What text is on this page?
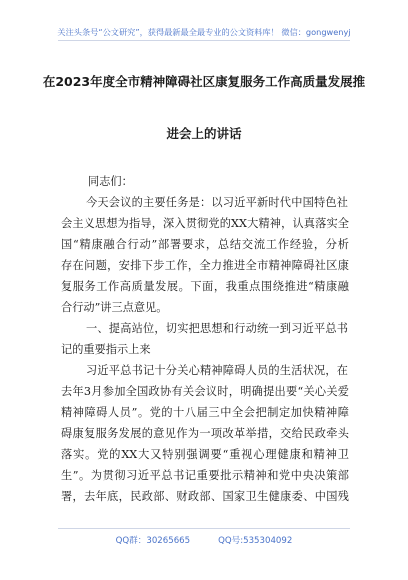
关注头条号“公文研究”，获得最新最全最专业的公文资料库！ 微信：gongwenyj
在2023年度全市精神障碍社区康复服务工作高质量发展推
进会上的讲话
同志们：
今天会议的主要任务是：以习近平新时代中国特色社
会主义思想为指导，深入贯彻党的XX大精神，认真落实全
国“精康融合行动”部署要求，总结交流工作经验，分析
存在问题，安排下步工作，全力推进全市精神障碍社区康
复服务工作高质量发展。下面，我重点围绕推进“精康融
合行动”讲三点意见。
一、提高站位，切实把思想和行动统一到习近平总书
记的重要指示上来
习近平总书记十分关心精神障碍人员的生活状况，在
去年3月参加全国政协有关会议时，明确提出要“关心关爱
精神障碍人员”。党的十八届三中全会把制定加快精神障
碍康复服务发展的意见作为一项改革举措，交给民政牵头
落实。党的XX大又特别强调要“重视心理健康和精神卫
生”。为贯彻习近平总书记重要批示精神和党中央决策部
署，去年底，民政部、财政部、国家卫生健康委、中国残
QQ群：30265665	QQ号:535304092
